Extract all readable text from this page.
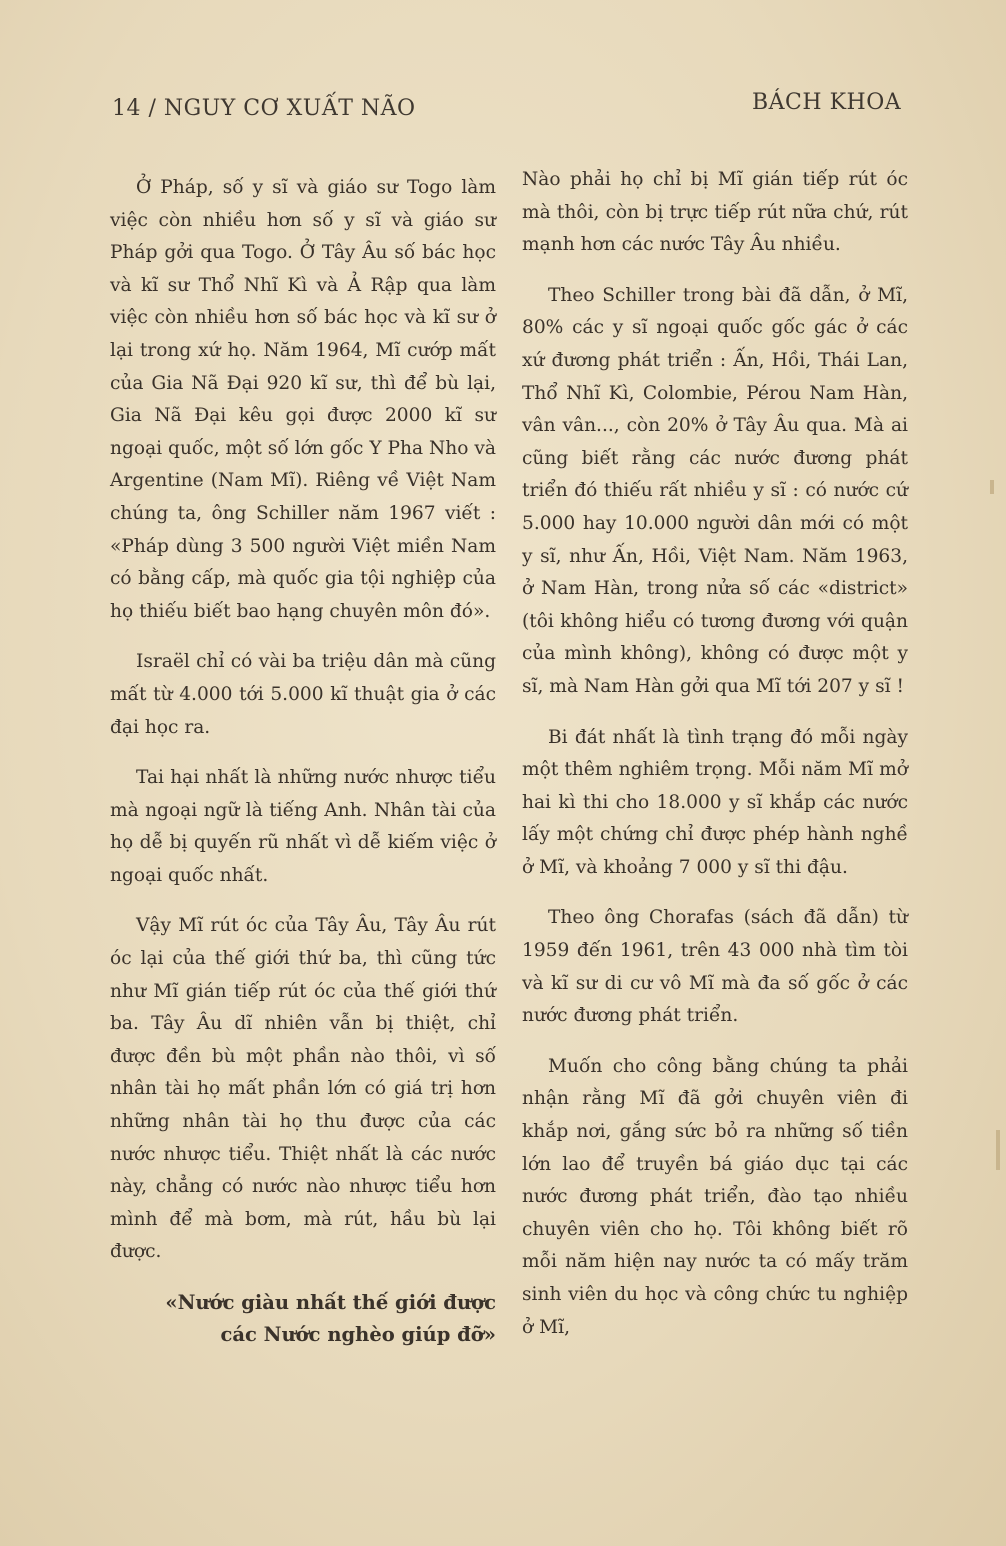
14 / NGUY CƠ XUẤT NÃO	BÁCH KHOA

Ở Pháp, số y sĩ và giáo sư Togo làm việc còn nhiều hơn số y sĩ và giáo sư Pháp gởi qua Togo. Ở Tây Âu số bác học và kĩ sư Thổ Nhĩ Kì và Ả Rập qua làm việc còn nhiều hơn số bác học và kĩ sư ở lại trong xứ họ. Năm 1964, Mĩ cướp mất của Gia Nã Đại 920 kĩ sư, thì để bù lại, Gia Nã Đại kêu gọi được 2000 kĩ sư ngoại quốc, một số lớn gốc Y Pha Nho và Argentine (Nam Mĩ). Riêng về Việt Nam chúng ta, ông Schiller năm 1967 viết : «Pháp dùng 3 500 người Việt miền Nam có bằng cấp, mà quốc gia tội nghiệp của họ thiếu biết bao hạng chuyên môn đó».

Israël chỉ có vài ba triệu dân mà cũng mất từ 4.000 tới 5.000 kĩ thuật gia ở các đại học ra.

Tai hại nhất là những nước nhược tiểu mà ngoại ngữ là tiếng Anh. Nhân tài của họ dễ bị quyến rũ nhất vì dễ kiếm việc ở ngoại quốc nhất.

Vậy Mĩ rút óc của Tây Âu, Tây Âu rút óc lại của thế giới thứ ba, thì cũng tức như Mĩ gián tiếp rút óc của thế giới thứ ba. Tây Âu dĩ nhiên vẫn bị thiệt, chỉ được đền bù một phần nào thôi, vì số nhân tài họ mất phần lớn có giá trị hơn những nhân tài họ thu được của các nước nhược tiểu. Thiệt nhất là các nước này, chẳng có nước nào nhược tiểu hơn mình để mà bơm, mà rút, hầu bù lại được.

«Nước giàu nhất thế giới được
các Nước nghèo giúp đỡ»

Nào phải họ chỉ bị Mĩ gián tiếp rút óc mà thôi, còn bị trực tiếp rút nữa chứ, rút mạnh hơn các nước Tây Âu nhiều.

Theo Schiller trong bài đã dẫn, ở Mĩ, 80% các y sĩ ngoại quốc gốc gác ở các xứ đương phát triển : Ấn, Hồi, Thái Lan, Thổ Nhĩ Kì, Colombie, Pérou Nam Hàn, vân vân..., còn 20% ở Tây Âu qua. Mà ai cũng biết rằng các nước đương phát triển đó thiếu rất nhiều y sĩ : có nước cứ 5.000 hay 10.000 người dân mới có một y sĩ, như Ấn, Hồi, Việt Nam. Năm 1963, ở Nam Hàn, trong nửa số các «district» (tôi không hiểu có tương đương với quận của mình không), không có được một y sĩ, mà Nam Hàn gởi qua Mĩ tới 207 y sĩ !

Bi đát nhất là tình trạng đó mỗi ngày một thêm nghiêm trọng. Mỗi năm Mĩ mở hai kì thi cho 18.000 y sĩ khắp các nước lấy một chứng chỉ được phép hành nghề ở Mĩ, và khoảng 7 000 y sĩ thi đậu.

Theo ông Chorafas (sách đã dẫn) từ 1959 đến 1961, trên 43 000 nhà tìm tòi và kĩ sư di cư vô Mĩ mà đa số gốc ở các nước đương phát triển.

Muốn cho công bằng chúng ta phải nhận rằng Mĩ đã gởi chuyên viên đi khắp nơi, gắng sức bỏ ra những số tiền lớn lao để truyền bá giáo dục tại các nước đương phát triển, đào tạo nhiều chuyên viên cho họ. Tôi không biết rõ mỗi năm hiện nay nước ta có mấy trăm sinh viên du học và công chức tu nghiệp ở Mĩ,
